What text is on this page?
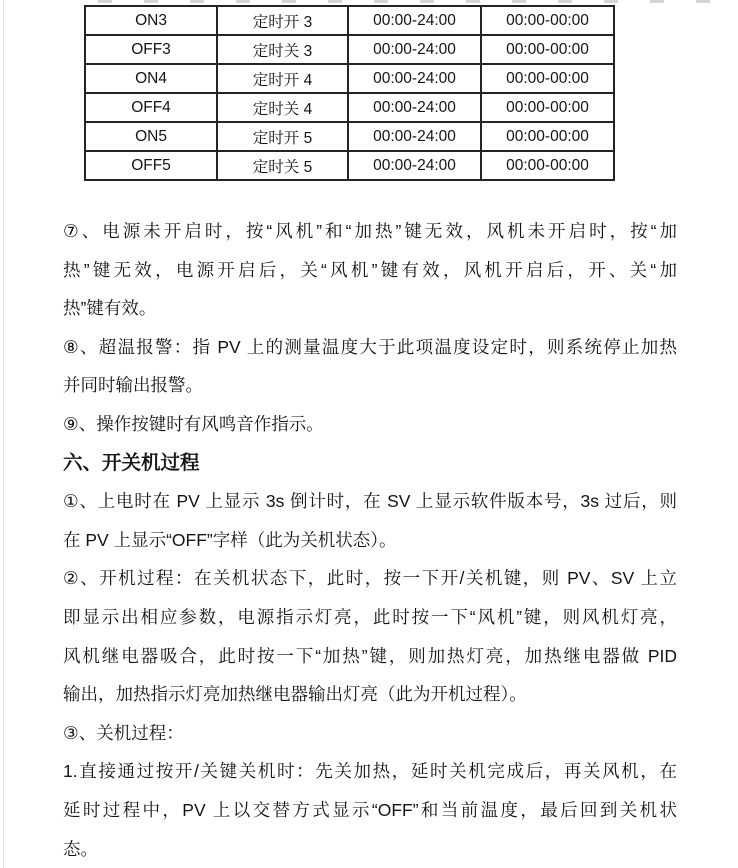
ON3	定时开 3	00:00-24:00	00:00-00:00
OFF3	定时关 3	00:00-24:00	00:00-00:00
ON4	定时开 4	00:00-24:00	00:00-00:00
OFF4	定时关 4	00:00-24:00	00:00-00:00
ON5	定时开 5	00:00-24:00	00:00-00:00
OFF5	定时关 5	00:00-24:00	00:00-00:00
⑦、电源未开启时，按“风机”和“加热”键无效，风机未开启时，按“加
热”键无效，电源开启后，关“风机”键有效，风机开启后，开、关“加
热”键有效。
⑧、超温报警：指 PV 上的测量温度大于此项温度设定时，则系统停止加热
并同时输出报警。
⑨、操作按键时有风鸣音作指示。
六、开关机过程
①、上电时在 PV 上显示 3s 倒计时，在 SV 上显示软件版本号，3s 过后，则
在 PV 上显示“OFF”字样（此为关机状态）。
②、开机过程：在关机状态下，此时，按一下开/关机键，则 PV、SV 上立
即显示出相应参数，电源指示灯亮，此时按一下“风机”键，则风机灯亮，
风机继电器吸合，此时按一下“加热”键，则加热灯亮，加热继电器做 PID
输出，加热指示灯亮加热继电器输出灯亮（此为开机过程）。
③、关机过程：
1.直接通过按开/关键关机时：先关加热，延时关机完成后，再关风机，在
延时过程中，PV 上以交替方式显示“OFF”和当前温度，最后回到关机状
态。
